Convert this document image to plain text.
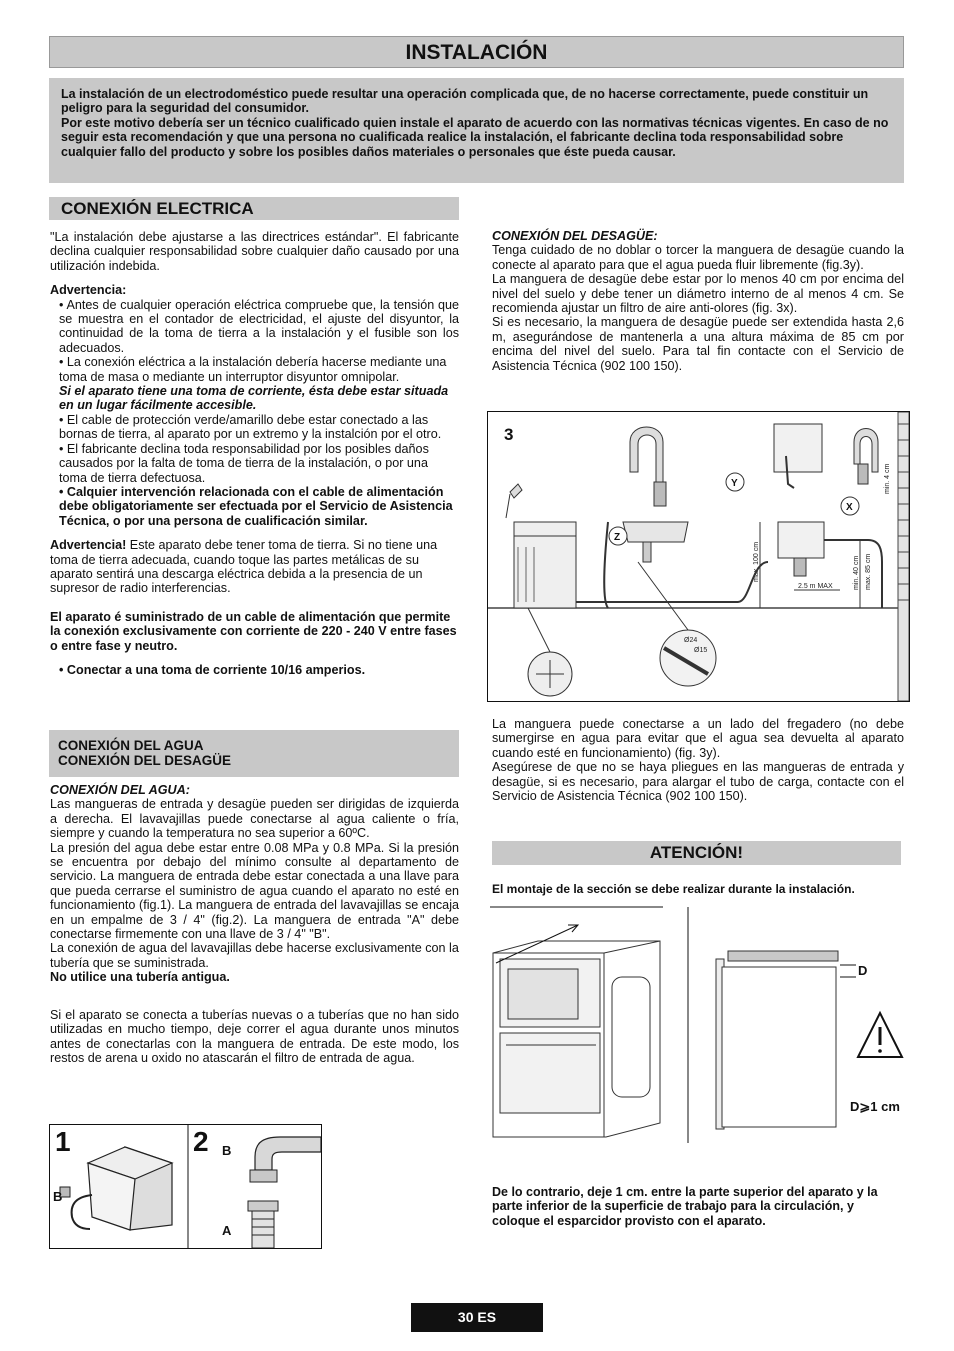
INSTALACIÓN

La instalación de un electrodoméstico puede resultar una operación complicada que, de no hacerse correctamente, puede constituir un peligro para la seguridad del consumidor.

Por este motivo debería ser un técnico cualificado quien instale el aparato de acuerdo con las normativas técnicas vigentes. En caso de no seguir esta recomendación y que una persona no cualificada realice la instalación, el fabricante declina toda responsabilidad sobre cualquier fallo del producto y sobre los posibles daños materiales o personales que éste pueda causar.

CONEXIÓN ELECTRICA

"La instalación debe ajustarse a las directrices estándar". El fabricante declina cualquier responsabilidad sobre cualquier daño causado por una utilización indebida.

Advertencia:

• Antes de cualquier operación eléctrica compruebe que, la tensión que se muestra en el contador de electricidad, el ajuste del disyuntor, la continuidad de la toma de tierra a la instalación y el fusible son los adecuados.

• La conexión eléctrica a la instalación debería hacerse mediante una toma de masa o mediante un interruptor disyuntor omnipolar.

Si el aparato tiene una toma de corriente, ésta debe estar situada en un lugar fácilmente accesible.

• El cable de protección verde/amarillo debe estar conectado a las bornas de tierra, al aparato por un extremo y la instalción por el otro.

• El fabricante declina toda responsabilidad por los posibles daños causados por la falta de toma de tierra de la instalación, o por una toma de tierra defectuosa.

• Calquier intervención relacionada con el cable de alimentación debe obligatoriamente ser efectuada por el Servicio de Asistencia Técnica, o por una persona de cualificación similar.

Advertencia! Este aparato debe tener toma de tierra. Si no tiene una toma de tierra adecuada, cuando toque las partes metálicas de su aparato sentirá una descarga eléctrica debida a la presencia de un supresor de radio interferencias.

El aparato é suministrado de un cable de alimentación que permite la conexión exclusivamente con corriente de 220 - 240 V entre fases o entre fase y neutro.

• Conectar a una toma de corriente 10/16 amperios.

CONEXIÓN DEL AGUA
CONEXIÓN DEL DESAGÜE

CONEXIÓN DEL AGUA:

Las mangueras de entrada y desagüe pueden ser dirigidas de izquierda a derecha. El lavavajillas puede conectarse al agua caliente o fría, siempre y cuando la temperatura no sea superior a 60ºC.

La presión del agua debe estar entre 0.08 MPa y 0.8 MPa. Si la presión se encuentra por debajo del mínimo consulte al departamento de servicio. La manguera de entrada debe estar conectada a una llave para que pueda cerrarse el suministro de agua cuando el aparato no esté en funcionamiento (fig.1). La manguera de entrada del lavavajillas se encaja en un empalme de 3 / 4" (fig.2). La manguera de entrada "A" debe conectarse firmemente con una llave de 3 / 4" "B".

La conexión de agua del lavavajillas debe hacerse exclusivamente con la tubería que se suministrada.

No utilice una tubería antigua.

Si el aparato se conecta a tuberías nuevas o a tuberías que no han sido utilizadas en mucho tiempo, deje correr el agua durante unos minutos antes de conectarlas con la manguera de entrada. De este modo, los restos de arena u oxido no atascarán el filtro de entrada de agua.

1
B
2 B
A

CONEXIÓN DEL DESAGÜE:

Tenga cuidado de no doblar o torcer la manguera de desagüe cuando la conecte al aparato para que el agua pueda fluir libremente (fig.3y).

La manguera de desagüe debe estar por lo menos 40 cm por encima del nivel del suelo y debe tener un diámetro interno de al menos 4 cm. Se recomienda ajustar un filtro de aire anti-olores (fig. 3x).

Si es necesario, la manguera de desagüe puede ser extendida hasta 2,6 m, asegurándose de mantenerla a una altura máxima de 85 cm por encima del nivel del suelo. Para tal fin contacte con el Servicio de Asistencia Técnica (902 100 150).

3
Z
Y
X
min. 4 cm
max. 100 cm	min. 40 cm max. 85 cm
2.5 m MAX
Ø24
Ø15

La manguera puede conectarse a un lado del fregadero (no debe sumergirse en agua para evitar que el agua sea devuelta al aparato cuando esté en funcionamiento) (fig. 3y).

Asegúrese de que no se haya pliegues en las mangueras de entrada y desagüe, si es necesario, para alargar el tubo de carga, contacte con el Servicio de Asistencia Técnica (902 100 150).

ATENCIÓN!
El montaje de la sección se debe realizar durante la instalación.
D
D⩾1 cm
De lo contrario, deje 1 cm. entre la parte superior del aparato y la parte inferior de la superficie de trabajo para la circulación, y coloque el esparcidor provisto con el aparato.
30 ES
